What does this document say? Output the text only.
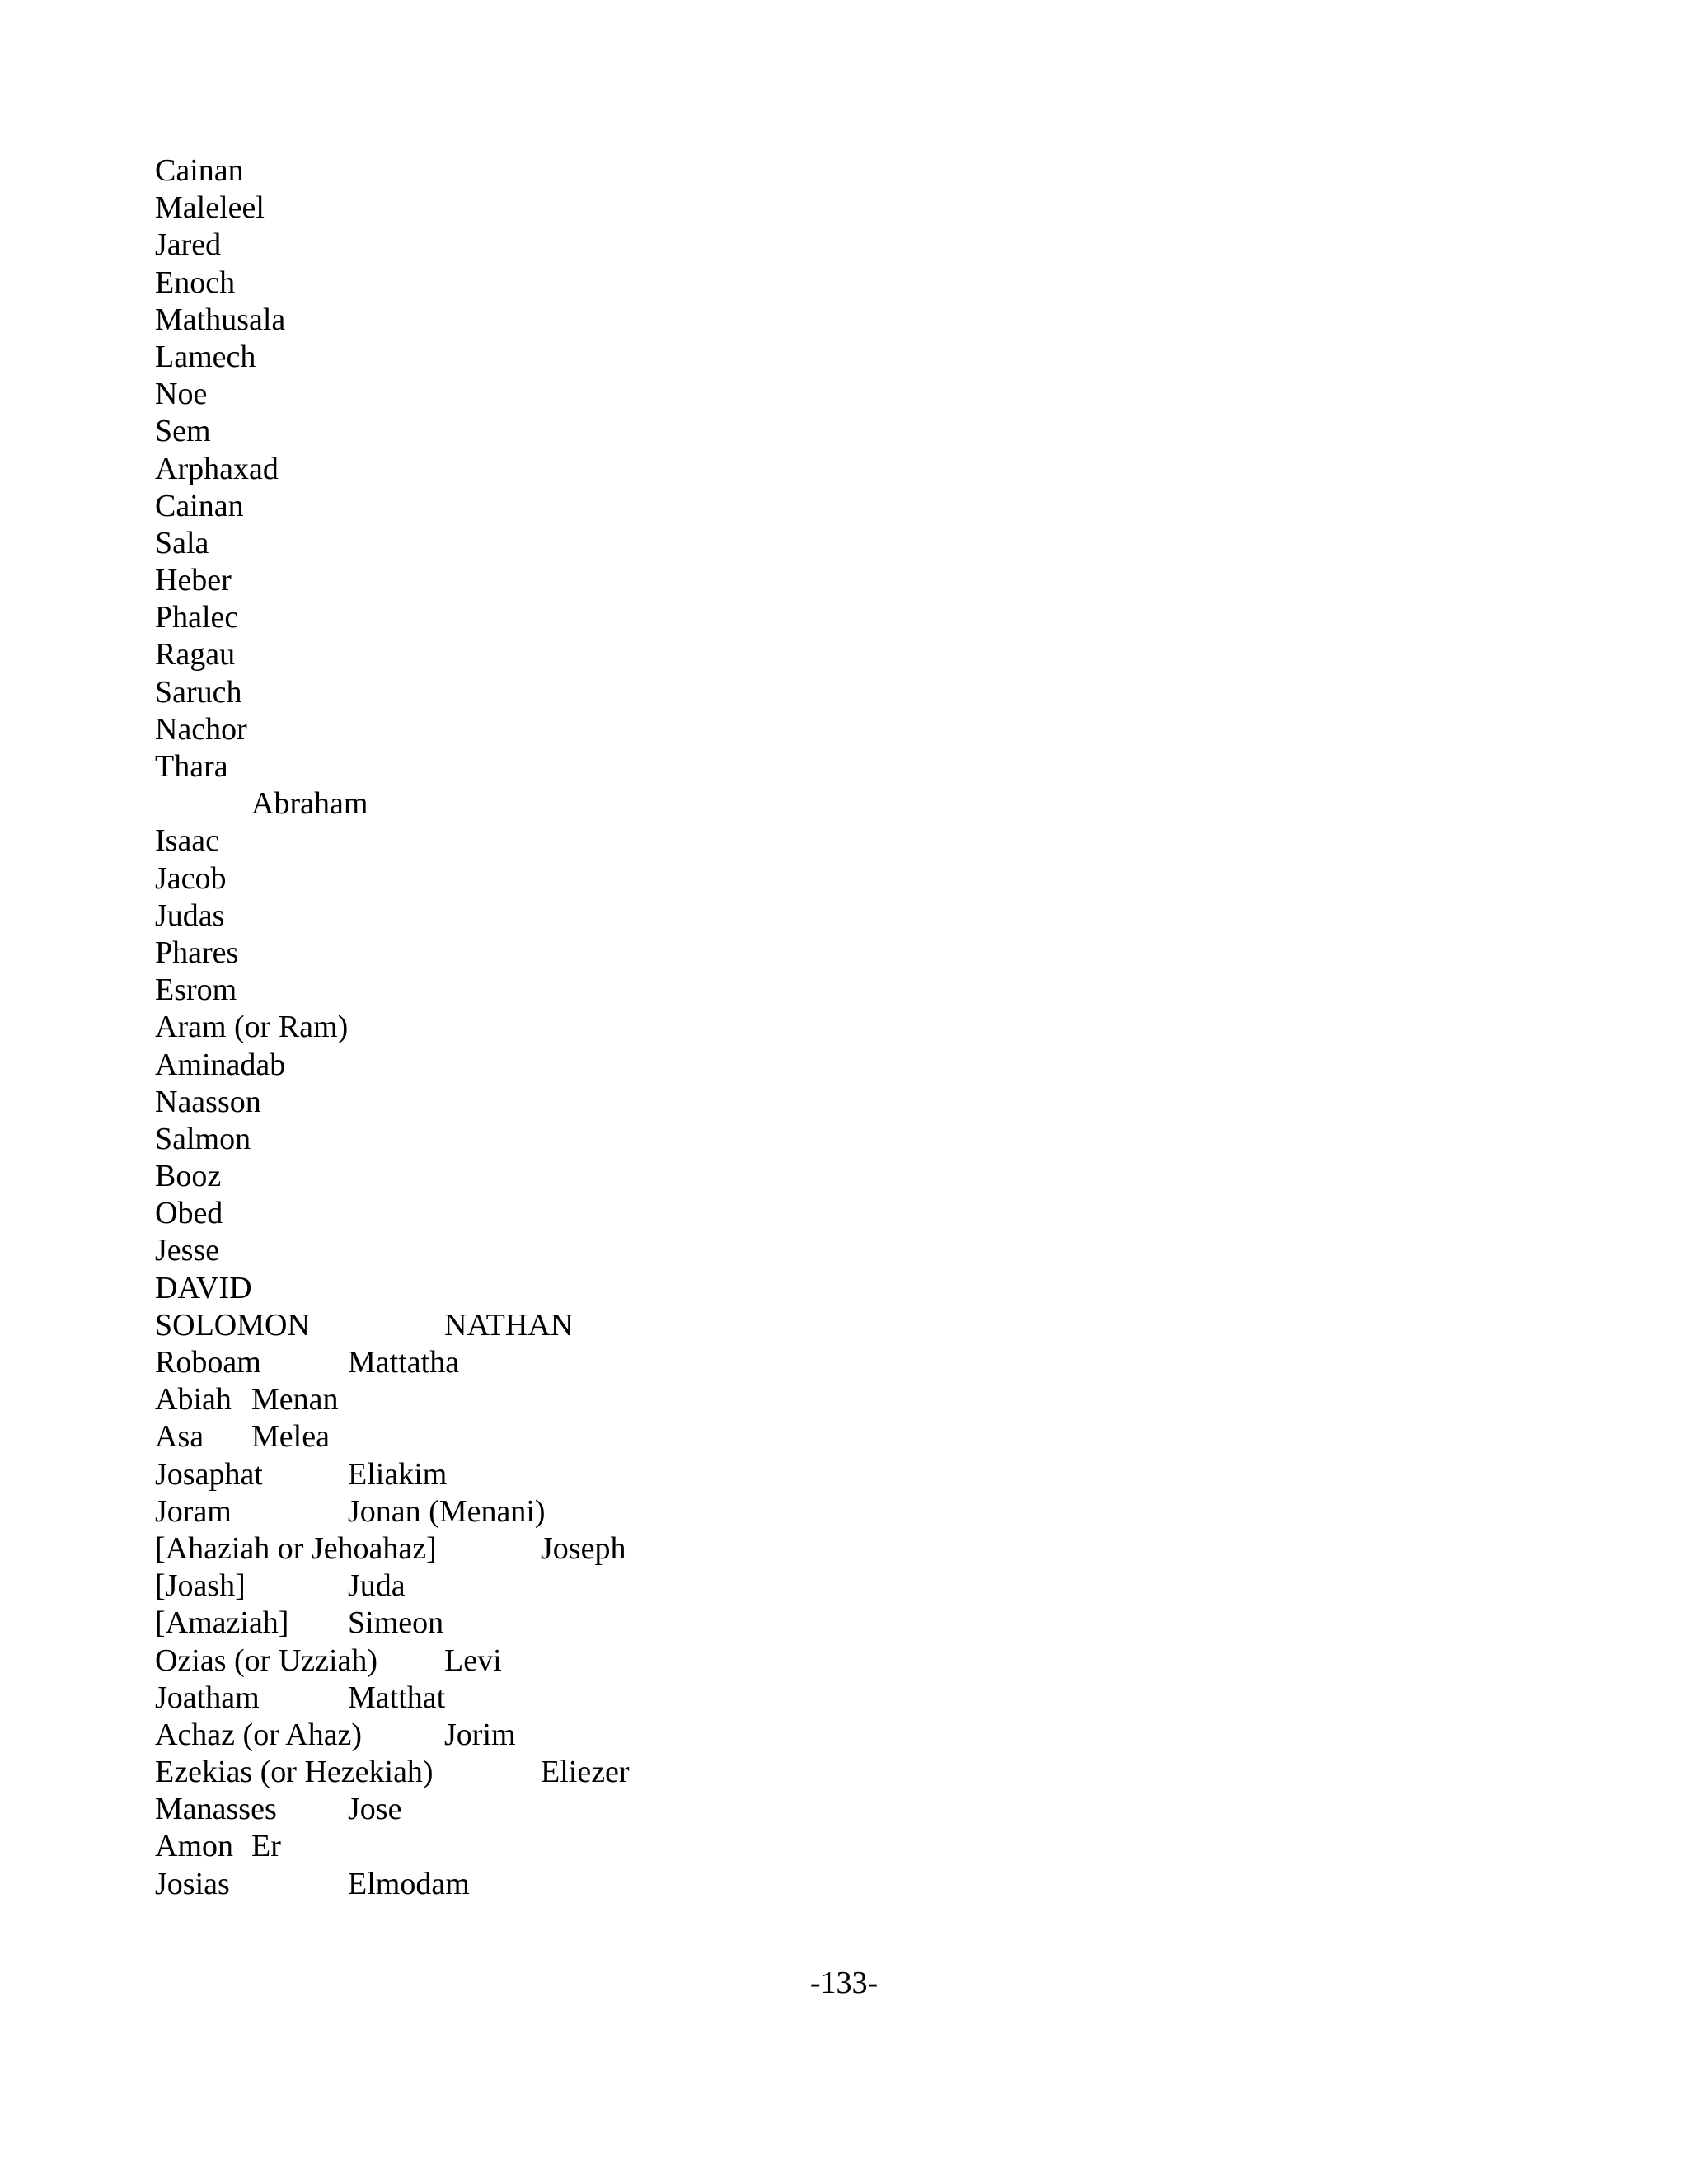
Cainan
Maleleel
Jared
Enoch
Mathusala
Lamech
Noe
Sem
Arphaxad
Cainan
Sala
Heber
Phalec
Ragau
Saruch
Nachor
Thara
Abraham
Isaac
Jacob
Judas
Phares
Esrom
Aram (or Ram)
Aminadab
Naasson
Salmon
Booz
Obed
Jesse
DAVID
SOLOMON	NATHAN
Roboam	Mattatha
Abiah Menan
Asa Melea
Josaphat	Eliakim
Joram	Jonan (Menani)
[Ahaziah or Jehoahaz]	Joseph
[Joash]	Juda
[Amaziah] Simeon
Ozias (or Uzziah) Levi
Joatham	Matthat
Achaz (or Ahaz)	Jorim
Ezekias (or Hezekiah)	Eliezer
Manasses Jose
Amon Er
Josias	Elmodam
-133-
